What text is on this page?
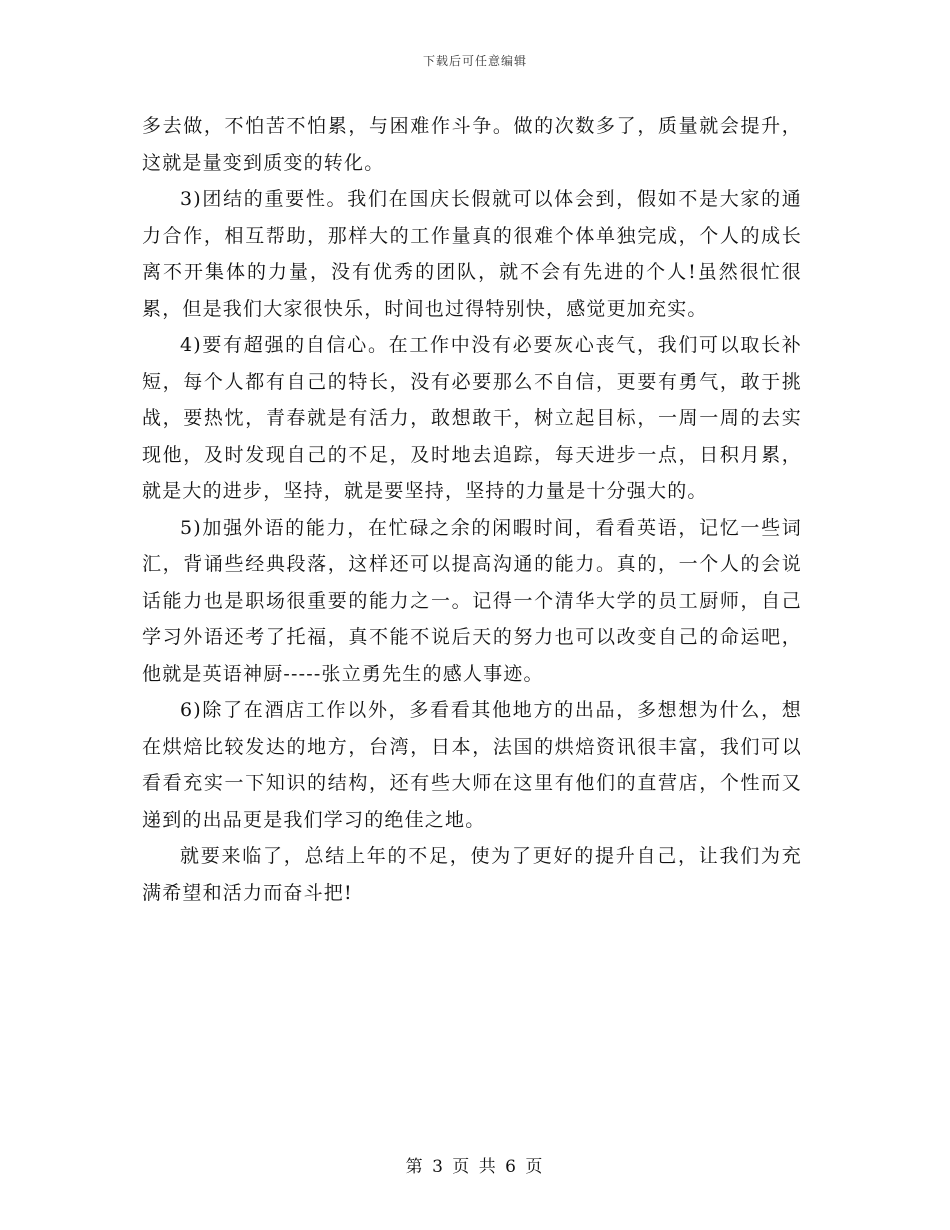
下载后可任意编辑

多去做，不怕苦不怕累，与困难作斗争。做的次数多了，质量就会提升，这就是量变到质变的转化。

3)团结的重要性。我们在国庆长假就可以体会到，假如不是大家的通力合作，相互帮助，那样大的工作量真的很难个体单独完成，个人的成长离不开集体的力量，没有优秀的团队，就不会有先进的个人!虽然很忙很累，但是我们大家很快乐，时间也过得特别快，感觉更加充实。

4)要有超强的自信心。在工作中没有必要灰心丧气，我们可以取长补短，每个人都有自己的特长，没有必要那么不自信，更要有勇气，敢于挑战，要热忱，青春就是有活力，敢想敢干，树立起目标，一周一周的去实现他，及时发现自己的不足，及时地去追踪，每天进步一点，日积月累，就是大的进步，坚持，就是要坚持，坚持的力量是十分强大的。

5)加强外语的能力，在忙碌之余的闲暇时间，看看英语，记忆一些词汇，背诵些经典段落，这样还可以提高沟通的能力。真的，一个人的会说话能力也是职场很重要的能力之一。记得一个清华大学的员工厨师，自己学习外语还考了托福，真不能不说后天的努力也可以改变自己的命运吧，他就是英语神厨-----张立勇先生的感人事迹。

6)除了在酒店工作以外，多看看其他地方的出品，多想想为什么，想在烘焙比较发达的地方，台湾，日本，法国的烘焙资讯很丰富，我们可以看看充实一下知识的结构，还有些大师在这里有他们的直营店，个性而又递到的出品更是我们学习的绝佳之地。

就要来临了，总结上年的不足，使为了更好的提升自己，让我们为充满希望和活力而奋斗把!

第 3 页 共 6 页
